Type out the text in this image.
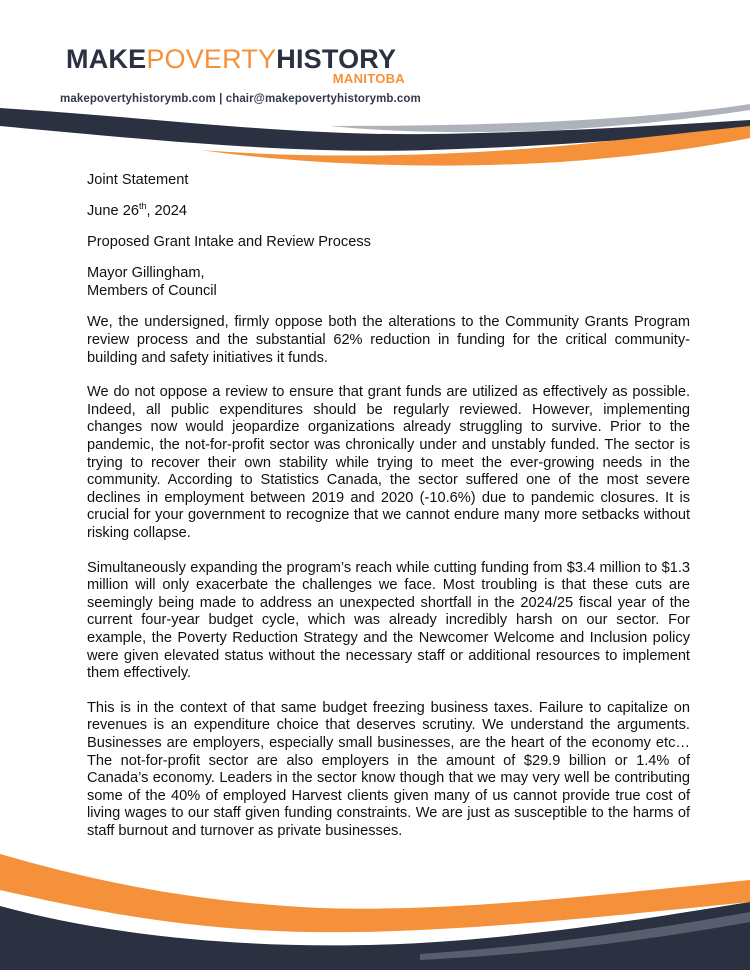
MAKEPOVERTYHISTORY
MANITOBA
makepovertyhistorymb.com | chair@makepovertyhistorymb.com

Joint Statement

June 26th, 2024

Proposed Grant Intake and Review Process

Mayor Gillingham,

Members of Council

We, the undersigned, firmly oppose both the alterations to the Community Grants Program review process and the substantial 62% reduction in funding for the critical community-building and safety initiatives it funds.

We do not oppose a review to ensure that grant funds are utilized as effectively as possible. Indeed, all public expenditures should be regularly reviewed. However, implementing changes now would jeopardize organizations already struggling to survive. Prior to the pandemic, the not-for-profit sector was chronically under and unstably funded. The sector is trying to recover their own stability while trying to meet the ever-growing needs in the community. According to Statistics Canada, the sector suffered one of the most severe declines in employment between 2019 and 2020 (-10.6%) due to pandemic closures. It is crucial for your government to recognize that we cannot endure many more setbacks without risking collapse.

Simultaneously expanding the program’s reach while cutting funding from $3.4 million to $1.3 million will only exacerbate the challenges we face. Most troubling is that these cuts are seemingly being made to address an unexpected shortfall in the 2024/25 fiscal year of the current four-year budget cycle, which was already incredibly harsh on our sector. For example, the Poverty Reduction Strategy and the Newcomer Welcome and Inclusion policy were given elevated status without the necessary staff or additional resources to implement them effectively.

This is in the context of that same budget freezing business taxes. Failure to capitalize on revenues is an expenditure choice that deserves scrutiny. We understand the arguments. Businesses are employers, especially small businesses, are the heart of the economy etc… The not-for-profit sector are also employers in the amount of $29.9 billion or 1.4% of Canada’s economy. Leaders in the sector know though that we may very well be contributing some of the 40% of employed Harvest clients given many of us cannot provide true cost of living wages to our staff given funding constraints. We are just as susceptible to the harms of staff burnout and turnover as private businesses.
